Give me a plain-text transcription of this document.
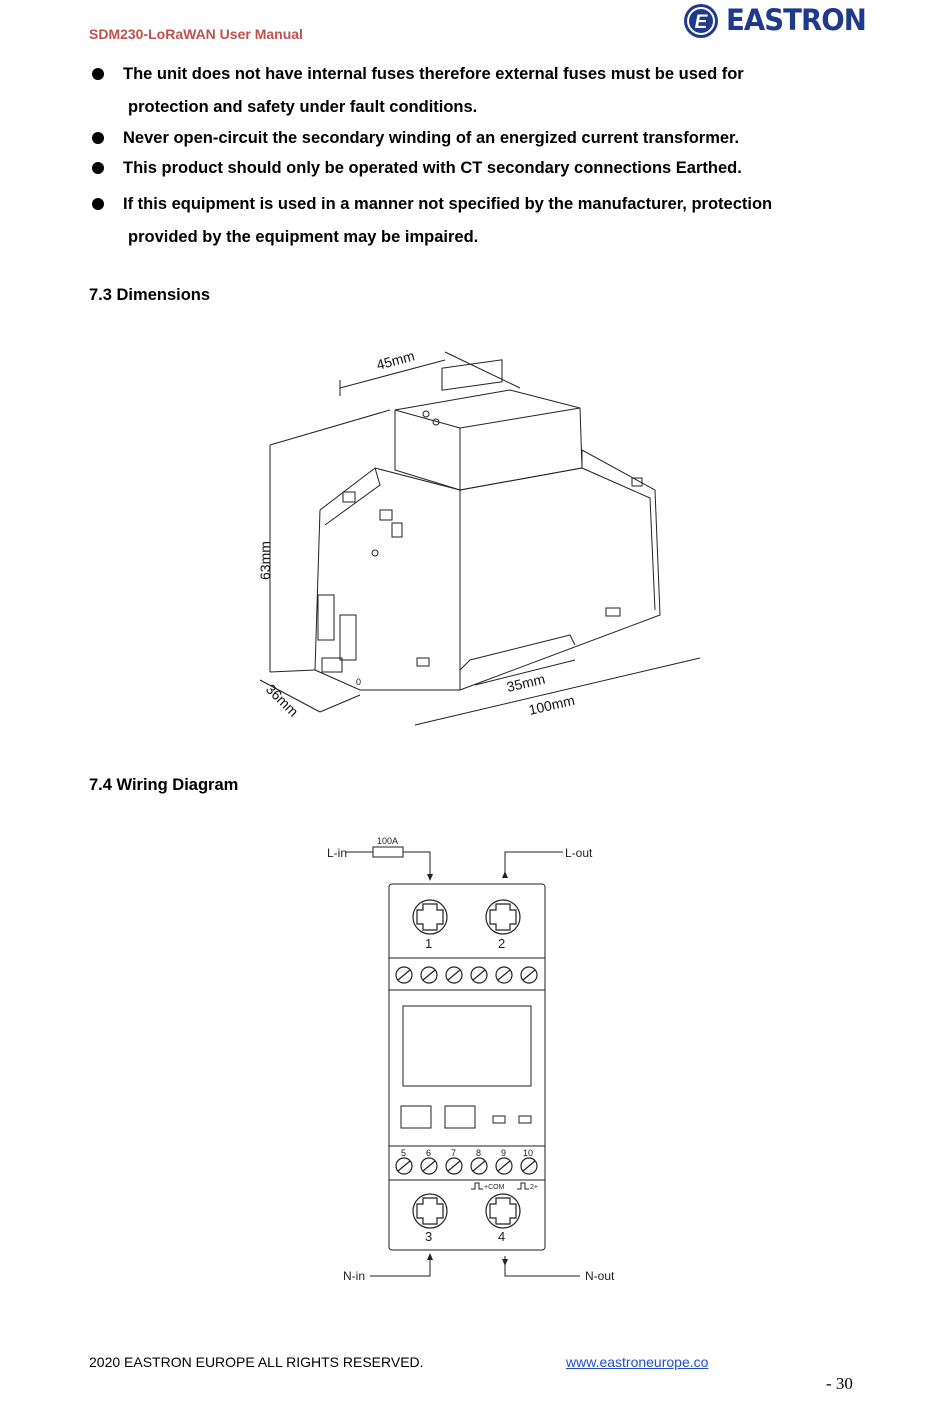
SDM230-LoRaWAN User Manual
E EASTRON
The unit does not have internal fuses therefore external fuses must be used for
protection and safety under fault conditions.
Never open-circuit the secondary winding of an energized current transformer.
This product should only be operated with CT secondary connections Earthed.
If this equipment is used in a manner not specified by the manufacturer, protection
provided by the equipment may be impaired.
7.3 Dimensions
45mm
63mm
36mm	35mm
100mm
0
7.4 Wiring Diagram
L-in	L-out
100A
N-in	N-out
1	2
3	4
5 6 7 8 9 10
+COM	2+
2020 EASTRON EUROPE ALL RIGHTS RESERVED.	www.eastroneurope.co
- 30
